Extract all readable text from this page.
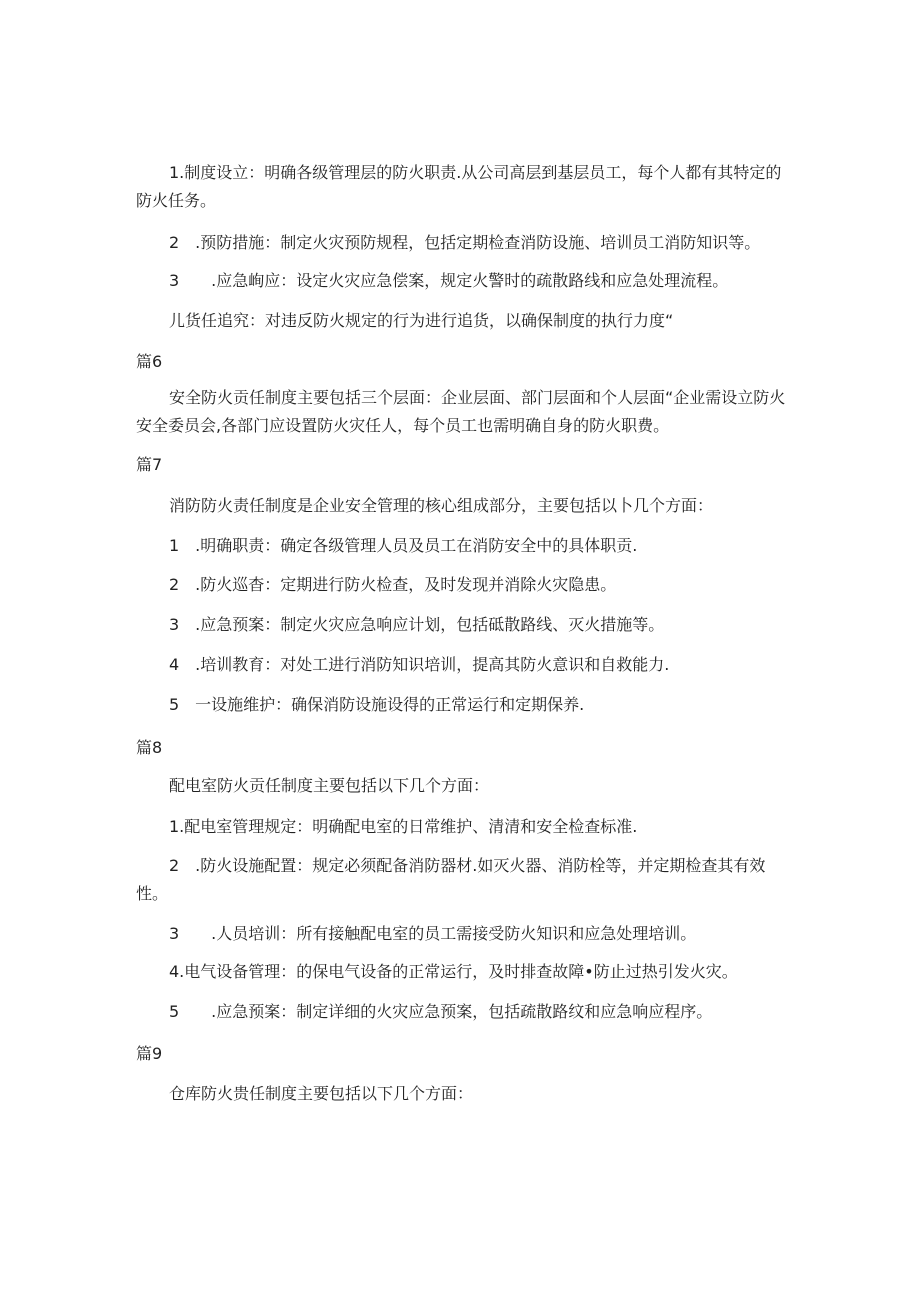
1.制度设立：明确各级管理层的防火职责.从公司高层到基层员工，每个人都有其特定的防火任务。
2　.预防措施：制定火灾预防规程，包括定期检查消防设施、培训员工消防知识等。
3　　.应急峋应：设定火灾应急偿案，规定火警时的疏散路线和应急处理流程。
儿货任追究：对违反防火规定的行为进行追货，以确保制度的执行力度“
篇6
安全防火贡任制度主要包括三个层面：企业层面、部门层面和个人层面“企业需设立防火安全委员会,各部门应设置防火灾任人，每个员工也需明确自身的防火职费。
篇7
消防防火责任制度是企业安全管理的核心组成部分，主要包括以卜几个方面：
1　.明确职责：确定各级管理人员及员工在消防安全中的具体职贡.
2　.防火巡杳：定期进行防火检查，及时发现并消除火灾隐患。
3　.应急预案：制定火灾应急响应计划，包括砥散路线、灭火措施等。
4　.培训教育：对处工进行消防知识培训，提高其防火意识和自救能力.
5　一设施维护：确保消防设施设得的正常运行和定期保养.
篇8
配电室防火贡任制度主要包括以下几个方面：
1.配电室管理规定：明确配电室的日常维护、清清和安全检查标准.
2　.防火设施配置：规定必须配备消防器材.如灭火器、消防栓等，并定期检查其有效性。
3　　.人员培训：所有接触配电室的员工需接受防火知识和应急处理培训。
4.电气设备管理：的保电气设备的正常运行，及时排查故障•防止过热引发火灾。
5　　.应急预案：制定详细的火灾应急预案，包括疏散路纹和应急响应程序。
篇9
仓库防火贵任制度主要包括以下几个方面：
